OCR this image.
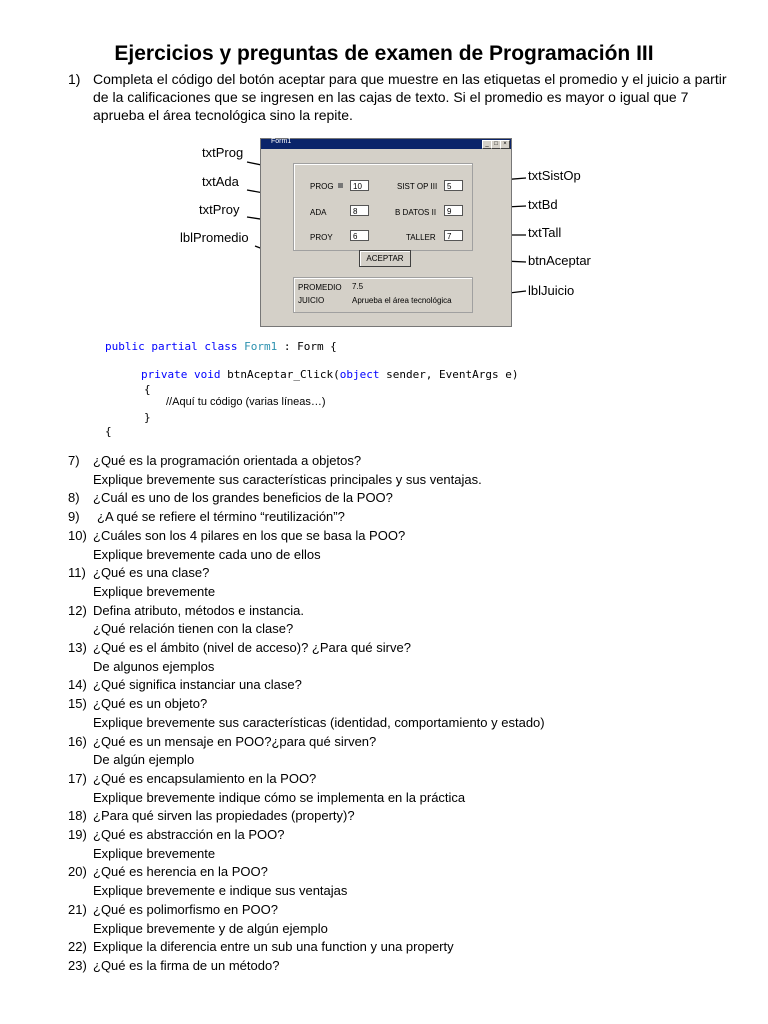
Ejercicios y preguntas de examen de Programación III
1) Completa el código del botón aceptar para que muestre en las etiquetas el promedio y el juicio a partir de la calificaciones que se ingresen en las cajas de texto. Si el promedio es mayor o igual que 7 aprueba el área tecnológica sino la repite.
txtProg
txtAda
txtProy
lblPromedio
txtSistOp
txtBd
txtTall
btnAceptar
lblJuicio
Form1	_ □ ×
PROG	10
ADA	8
PROY	6
SIST OP III	5
B DATOS II	9
TALLER	7
ACEPTAR
PROMEDIO 7.5
JUICIO	Aprueba el área tecnológica
public partial class Form1 : Form {
private void btnAceptar_Click(object sender, EventArgs e)
{
//Aquí tu código (varias líneas…)
}
{
7) ¿Qué es la programación orientada a objetos?
Explique brevemente sus características principales y sus ventajas.
8) ¿Cuál es uno de los grandes beneficios de la POO?
9) ¿A qué se refiere el término “reutilización”?
10) ¿Cuáles son los 4 pilares en los que se basa la POO?
Explique brevemente cada uno de ellos
11) ¿Qué es una clase?
Explique brevemente
12) Defina atributo, métodos e instancia.
¿Qué relación tienen con la clase?
13) ¿Qué es el ámbito (nivel de acceso)? ¿Para qué sirve?
De algunos ejemplos
14) ¿Qué significa instanciar una clase?
15) ¿Qué es un objeto?
Explique brevemente sus características (identidad, comportamiento y estado)
16) ¿Qué es un mensaje en POO?¿para qué sirven?
De algún ejemplo
17) ¿Qué es encapsulamiento en la POO?
Explique brevemente indique cómo se implementa en la práctica
18) ¿Para qué sirven las propiedades (property)?
19) ¿Qué es abstracción en la POO?
Explique brevemente
20) ¿Qué es herencia en la POO?
Explique brevemente e indique sus ventajas
21) ¿Qué es polimorfismo en POO?
Explique brevemente y de algún ejemplo
22) Explique la diferencia entre un sub una function y una property
23) ¿Qué es la firma de un método?
